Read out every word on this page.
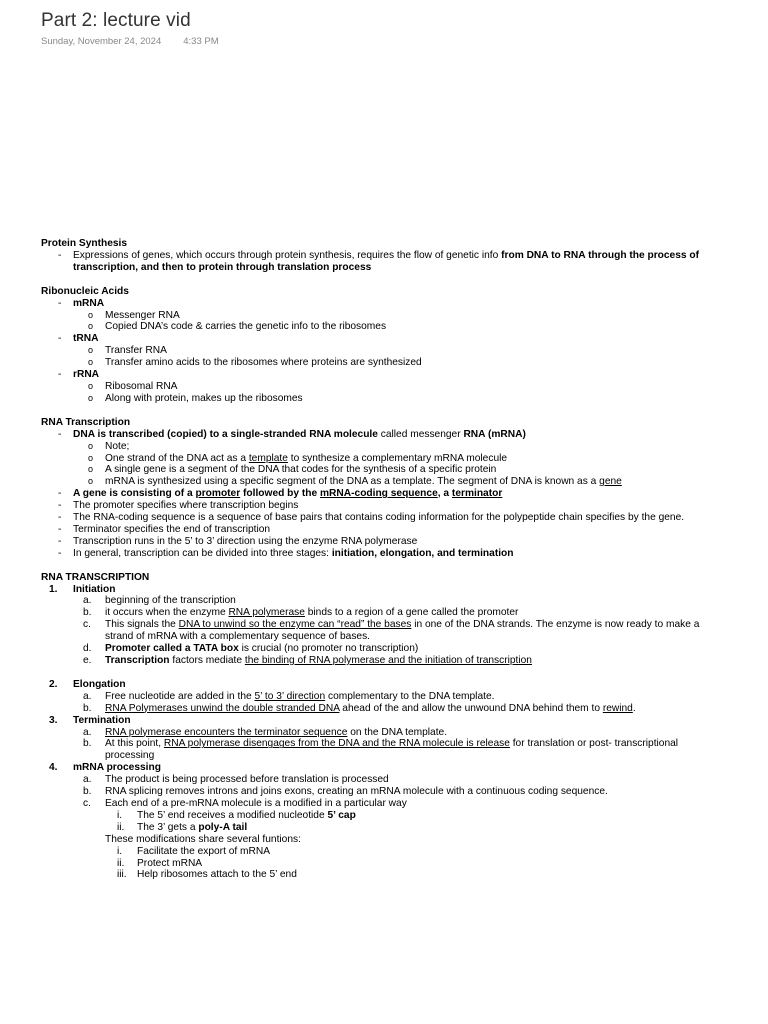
Part 2: lecture vid
Sunday, November 24, 2024 4:33 PM
Protein Synthesis
- Expressions of genes, which occurs through protein synthesis, requires the flow of genetic info from DNA to RNA through the process of transcription, and then to protein through translation process
Ribonucleic Acids
- mRNA
o Messenger RNA
o Copied DNA’s code & carries the genetic info to the ribosomes
- tRNA
o Transfer RNA
o Transfer amino acids to the ribosomes where proteins are synthesized
- rRNA
o Ribosomal RNA
o Along with protein, makes up the ribosomes
RNA Transcription
- DNA is transcribed (copied) to a single-stranded RNA molecule called messenger RNA (mRNA)
o Note;
o One strand of the DNA act as a template to synthesize a complementary mRNA molecule
o A single gene is a segment of the DNA that codes for the synthesis of a specific protein
o mRNA is synthesized using a specific segment of the DNA as a template. The segment of DNA is known as a gene
- A gene is consisting of a promoter followed by the mRNA-coding sequence, a terminator
- The promoter specifies where transcription begins
- The RNA-coding sequence is a sequence of base pairs that contains coding information for the polypeptide chain specifies by the gene.
- Terminator specifies the end of transcription
- Transcription runs in the 5’ to 3’ direction using the enzyme RNA polymerase
- In general, transcription can be divided into three stages: initiation, elongation, and termination
RNA TRANSCRIPTION
1. Initiation
a. beginning of the transcription
b. it occurs when the enzyme RNA polymerase binds to a region of a gene called the promoter
c. This signals the DNA to unwind so the enzyme can “read” the bases in one of the DNA strands. The enzyme is now ready to make a strand of mRNA with a complementary sequence of bases.
d. Promoter called a TATA box is crucial (no promoter no transcription)
e. Transcription factors mediate the binding of RNA polymerase and the initiation of transcription
2. Elongation
a. Free nucleotide are added in the 5’ to 3’ direction complementary to the DNA template.
b. RNA Polymerases unwind the double stranded DNA ahead of the and allow the unwound DNA behind them to rewind.
3. Termination
a. RNA polymerase encounters the terminator sequence on the DNA template.
b. At this point, RNA polymerase disengages from the DNA and the RNA molecule is release for translation or post- transcriptional processing
4. mRNA processing
a. The product is being processed before translation is processed
b. RNA splicing removes introns and joins exons, creating an mRNA molecule with a continuous coding sequence.
c. Each end of a pre-mRNA molecule is a modified in a particular way
i. The 5’ end receives a modified nucleotide 5’ cap
ii. The 3’ gets a poly-A tail
These modifications share several funtions:
i. Facilitate the export of mRNA
ii. Protect mRNA
iii. Help ribosomes attach to the 5’ end
